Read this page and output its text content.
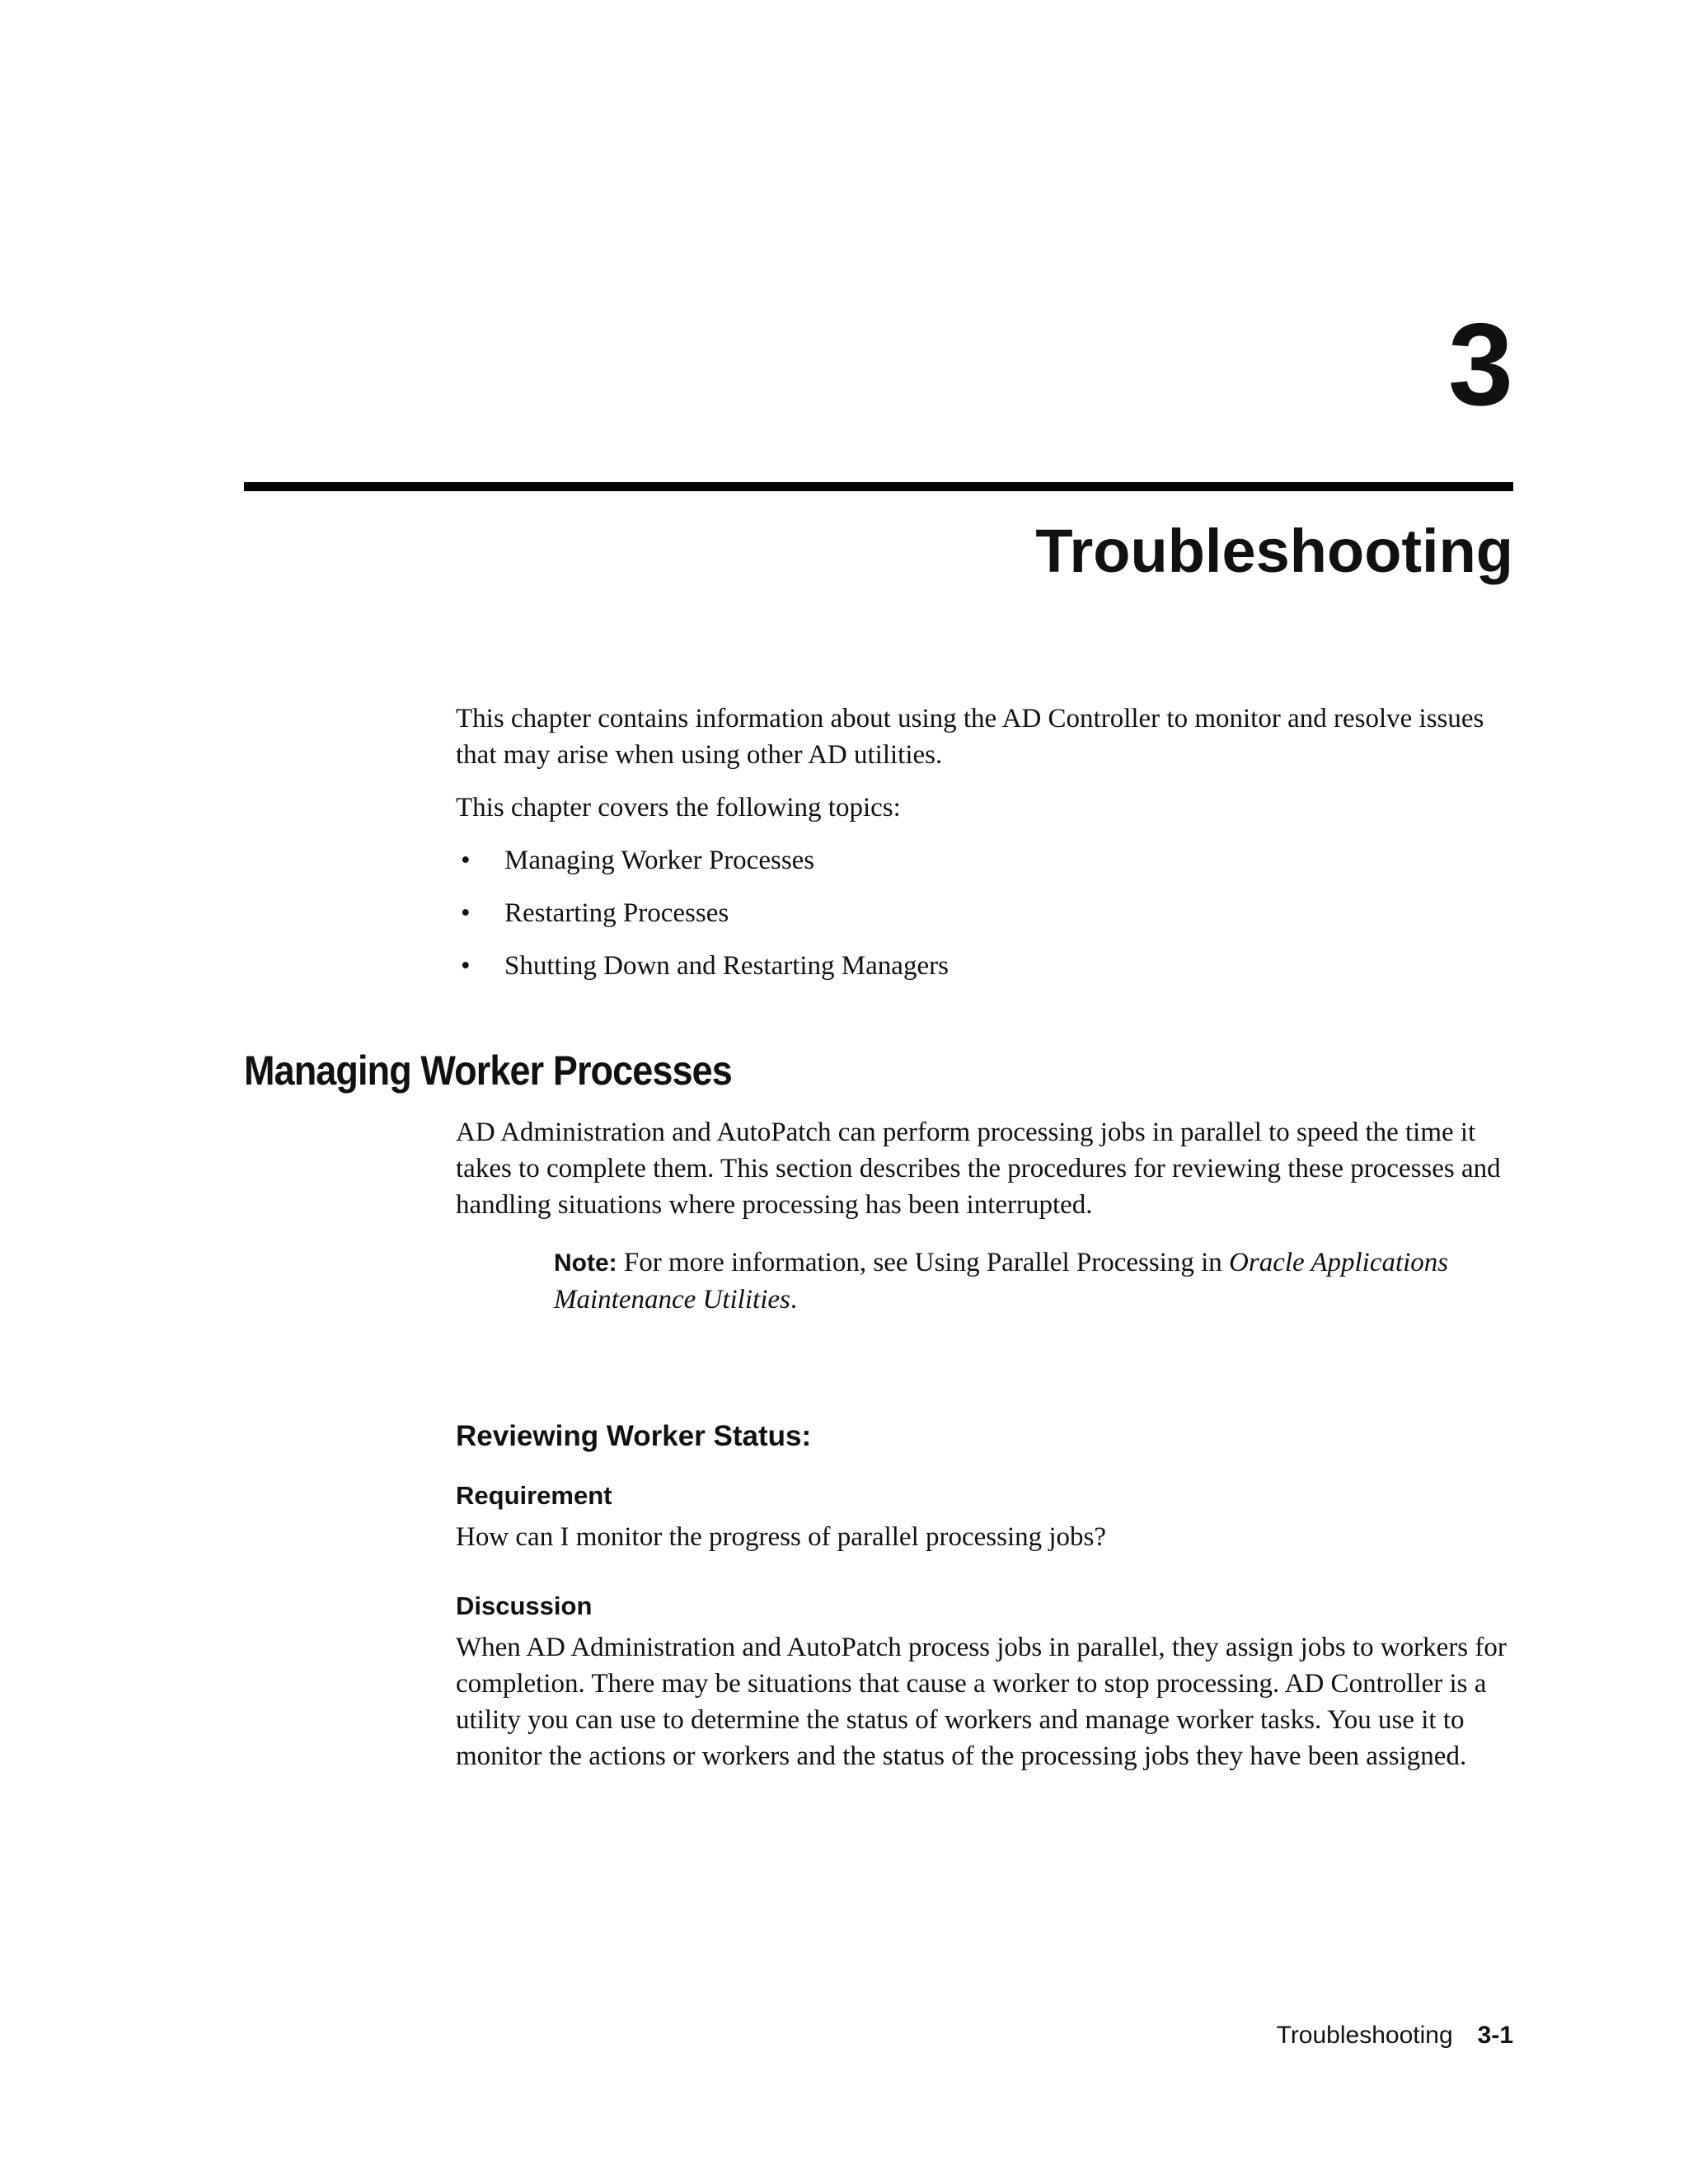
3
Troubleshooting

This chapter contains information about using the AD Controller to monitor and resolve issues that may arise when using other AD utilities.

This chapter covers the following topics:

• Managing Worker Processes
• Restarting Processes
• Shutting Down and Restarting Managers
Managing Worker Processes

AD Administration and AutoPatch can perform processing jobs in parallel to speed the time it takes to complete them. This section describes the procedures for reviewing these processes and handling situations where processing has been interrupted.

Note: For more information, see Using Parallel Processing in Oracle Applications Maintenance Utilities.

Reviewing Worker Status:
Requirement

How can I monitor the progress of parallel processing jobs?

Discussion

When AD Administration and AutoPatch process jobs in parallel, they assign jobs to workers for completion. There may be situations that cause a worker to stop processing. AD Controller is a utility you can use to determine the status of workers and manage worker tasks. You use it to monitor the actions or workers and the status of the processing jobs they have been assigned.

Troubleshooting 3-1
